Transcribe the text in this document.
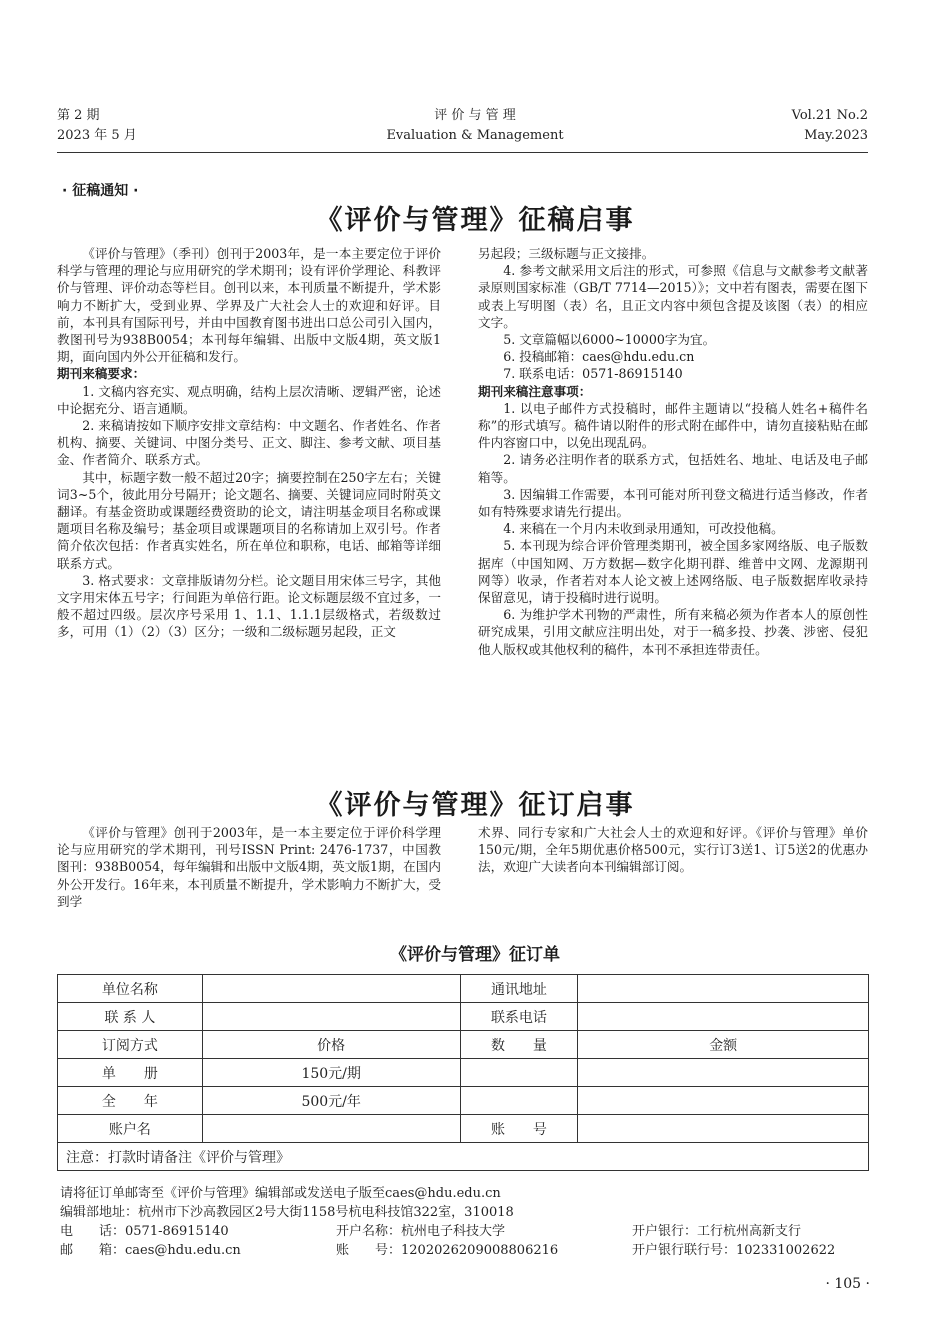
第 2 期
2023 年 5 月
评 价 与 管 理
Evaluation & Management
Vol.21 No.2
May.2023
· 征稿通知 ·
《评价与管理》征稿启事

《评价与管理》（季刊）创刊于2003年，是一本主要定位于评价科学与管理的理论与应用研究的学术期刊；设有评价学理论、科教评价与管理、评价动态等栏目。创刊以来，本刊质量不断提升，学术影响力不断扩大，受到业界、学界及广大社会人士的欢迎和好评。目前，本刊具有国际刊号，并由中国教育图书进出口总公司引入国内，教图刊号为938B0054；本刊每年编辑、出版中文版4期，英文版1期，面向国内外公开征稿和发行。

期刊来稿要求：

1. 文稿内容充实、观点明确，结构上层次清晰、逻辑严密，论述中论据充分、语言通顺。

2. 来稿请按如下顺序安排文章结构：中文题名、作者姓名、作者机构、摘要、关键词、中图分类号、正文、脚注、参考文献、项目基金、作者简介、联系方式。

其中，标题字数一般不超过20字；摘要控制在250字左右；关键词3~5个，彼此用分号隔开；论文题名、摘要、关键词应同时附英文翻译。有基金资助或课题经费资助的论文，请注明基金项目名称或课题项目名称及编号；基金项目或课题项目的名称请加上双引号。作者简介依次包括：作者真实姓名，所在单位和职称，电话、邮箱等详细联系方式。

3. 格式要求：文章排版请勿分栏。论文题目用宋体三号字，其他文字用宋体五号字；行间距为单倍行距。论文标题层级不宜过多，一般不超过四级。层次序号采用 1、1.1、1.1.1层级格式，若级数过多，可用（1）（2）（3）区分；一级和二级标题另起段，正文

另起段；三级标题与正文接排。

4. 参考文献采用文后注的形式，可参照《信息与文献参考文献著录原则国家标准（GB/T 7714—2015）》；文中若有图表，需要在图下或表上写明图（表）名，且正文内容中须包含提及该图（表）的相应文字。

5. 文章篇幅以6000~10000字为宜。

6. 投稿邮箱：caes@hdu.edu.cn

7. 联系电话：0571-86915140

期刊来稿注意事项：

1. 以电子邮件方式投稿时，邮件主题请以“投稿人姓名+稿件名称”的形式填写。稿件请以附件的形式附在邮件中，请勿直接粘贴在邮件内容窗口中，以免出现乱码。

2. 请务必注明作者的联系方式，包括姓名、地址、电话及电子邮箱等。

3. 因编辑工作需要，本刊可能对所刊登文稿进行适当修改，作者如有特殊要求请先行提出。

4. 来稿在一个月内未收到录用通知，可改投他稿。

5. 本刊现为综合评价管理类期刊，被全国多家网络版、电子版数据库（中国知网、万方数据—数字化期刊群、维普中文网、龙源期刊网等）收录，作者若对本人论文被上述网络版、电子版数据库收录持保留意见，请于投稿时进行说明。

6. 为维护学术刊物的严肃性，所有来稿必须为作者本人的原创性研究成果，引用文献应注明出处，对于一稿多投、抄袭、涉密、侵犯他人版权或其他权利的稿件，本刊不承担连带责任。

《评价与管理》征订启事

《评价与管理》创刊于2003年，是一本主要定位于评价科学理论与应用研究的学术期刊，刊号ISSN Print: 2476-1737，中国教图刊：938B0054，每年编辑和出版中文版4期，英文版1期，在国内外公开发行。16年来，本刊质量不断提升，学术影响力不断扩大，受到学

术界、同行专家和广大社会人士的欢迎和好评。《评价与管理》单价150元/期，全年5期优惠价格500元，实行订3送1、订5送2的优惠办法，欢迎广大读者向本刊编辑部订阅。

《评价与管理》征订单
单位名称		通讯地址	
联 系 人		联系电话	
订阅方式	价格	数　　量	金额
单　　册	150元/期		
全　　年	500元/年		
账户名		账　　号	
注意：打款时请备注《评价与管理》			
请将征订单邮寄至《评价与管理》编辑部或发送电子版至caes@hdu.edu.cn
编辑部地址：杭州市下沙高教园区2号大街1158号杭电科技馆322室，310018
电　　话：0571-86915140	开户名称：杭州电子科技大学	开户银行：工行杭州高新支行
邮　　箱：caes@hdu.edu.cn	账　　号：1202026209008806216	开户银行联行号：102331002622
· 105 ·
